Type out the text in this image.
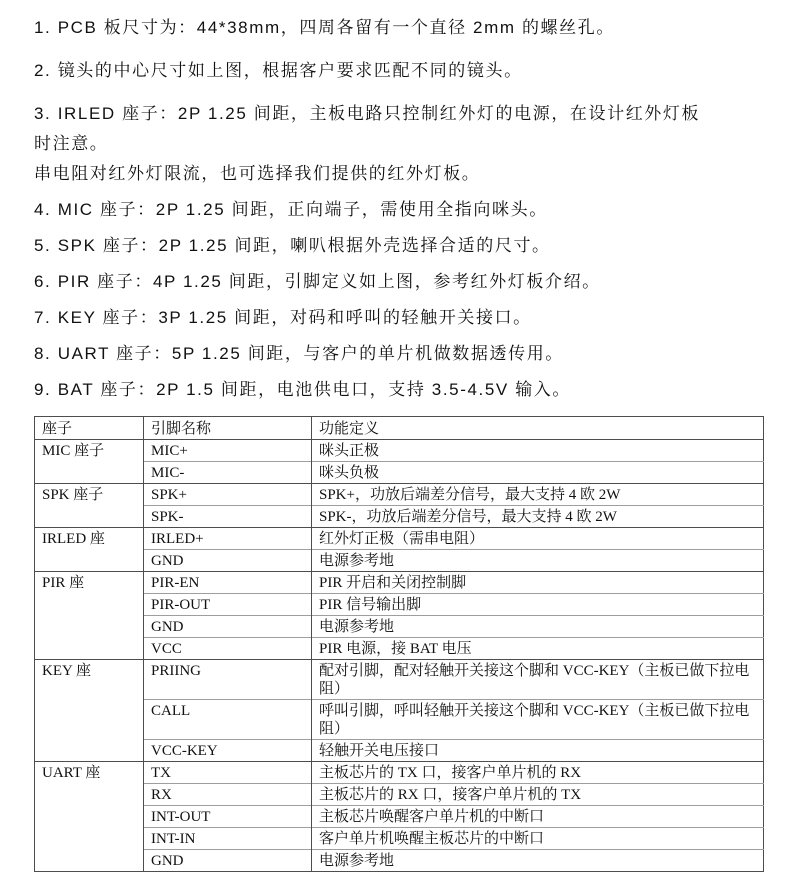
1. PCB 板尺寸为：44*38mm，四周各留有一个直径 2mm 的螺丝孔。

2. 镜头的中心尺寸如上图，根据客户要求匹配不同的镜头。

3. IRLED 座子：2P 1.25 间距，主板电路只控制红外灯的电源，在设计红外灯板

时注意。

串电阻对红外灯限流，也可选择我们提供的红外灯板。

4. MIC 座子：2P 1.25 间距，正向端子，需使用全指向咪头。

5. SPK 座子：2P 1.25 间距，喇叭根据外壳选择合适的尺寸。

6. PIR 座子：4P 1.25 间距，引脚定义如上图，参考红外灯板介绍。

7. KEY 座子：3P 1.25 间距，对码和呼叫的轻触开关接口。

8. UART 座子：5P 1.25 间距，与客户的单片机做数据透传用。

9. BAT 座子：2P 1.5 间距，电池供电口，支持 3.5-4.5V 输入。

座子	引脚名称	功能定义
MIC 座子	MIC+	咪头正极
	MIC-	咪头负极
SPK 座子	SPK+	SPK+，功放后端差分信号，最大支持 4 欧 2W
	SPK-	SPK-，功放后端差分信号，最大支持 4 欧 2W
IRLED 座	IRLED+	红外灯正极（需串电阻）
	GND	电源参考地
PIR 座	PIR-EN	PIR 开启和关闭控制脚
	PIR-OUT	PIR 信号输出脚
	GND	电源参考地
	VCC	PIR 电源，接 BAT 电压
KEY 座	PRIING	配对引脚，配对轻触开关接这个脚和 VCC-KEY（主板已做下拉电阻）
	CALL	呼叫引脚，呼叫轻触开关接这个脚和 VCC-KEY（主板已做下拉电阻）
	VCC-KEY	轻触开关电压接口
UART 座	TX	主板芯片的 TX 口，接客户单片机的 RX
	RX	主板芯片的 RX 口，接客户单片机的 TX
	INT-OUT	主板芯片唤醒客户单片机的中断口
	INT-IN	客户单片机唤醒主板芯片的中断口
	GND	电源参考地
